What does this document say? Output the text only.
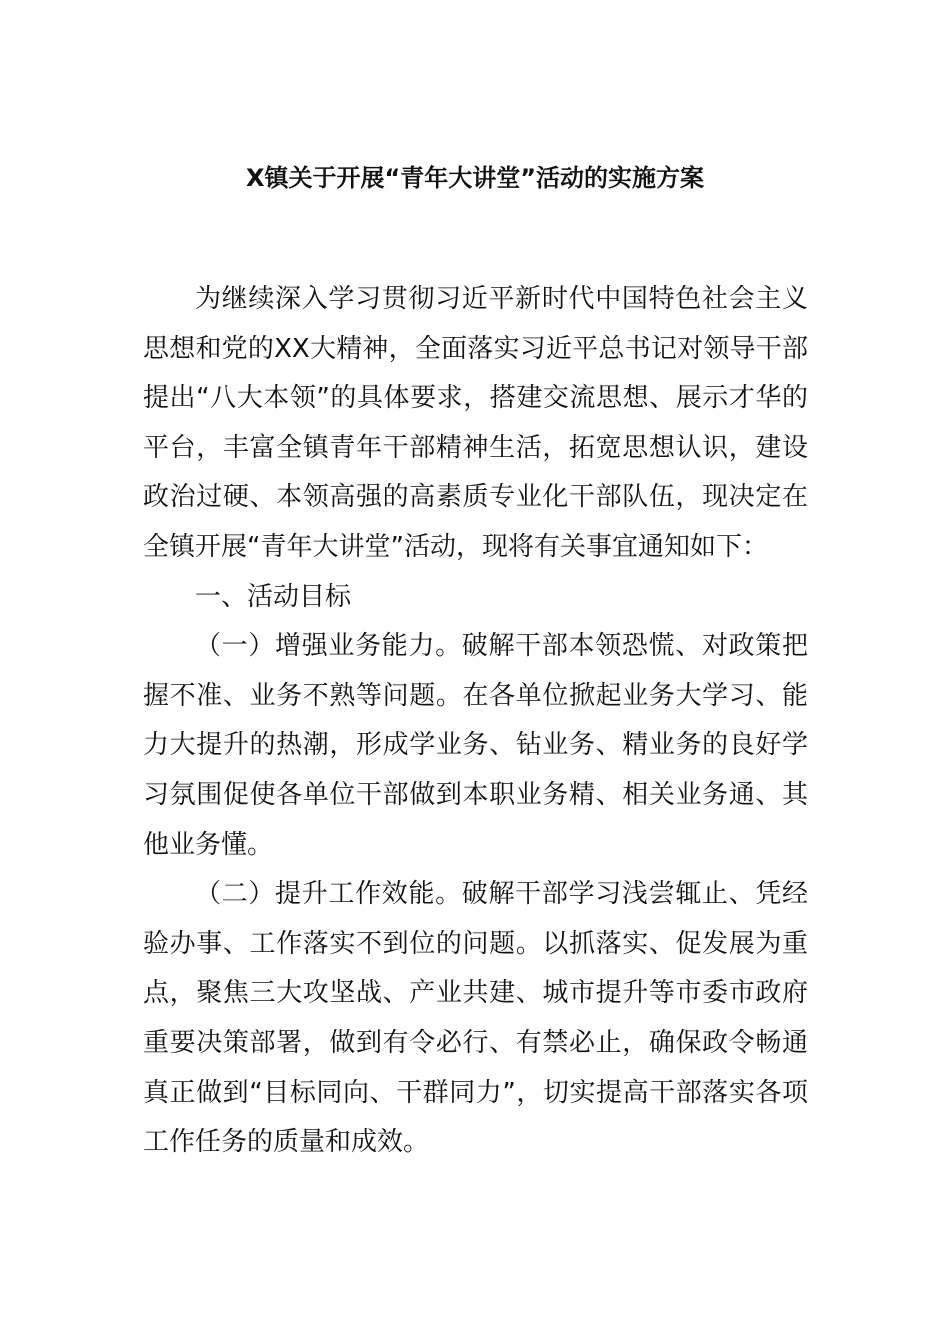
X镇关于开展“青年大讲堂”活动的实施方案

为继续深入学习贯彻习近平新时代中国特色社会主义思想和党的XX大精神，全面落实习近平总书记对领导干部提出“八大本领”的具体要求，搭建交流思想、展示才华的平台，丰富全镇青年干部精神生活，拓宽思想认识，建设政治过硬、本领高强的高素质专业化干部队伍，现决定在全镇开展“青年大讲堂”活动，现将有关事宜通知如下：

一、活动目标

（一）增强业务能力。破解干部本领恐慌、对政策把握不准、业务不熟等问题。在各单位掀起业务大学习、能力大提升的热潮，形成学业务、钻业务、精业务的良好学习氛围促使各单位干部做到本职业务精、相关业务通、其他业务懂。

（二）提升工作效能。破解干部学习浅尝辄止、凭经验办事、工作落实不到位的问题。以抓落实、促发展为重点，聚焦三大攻坚战、产业共建、城市提升等市委市政府重要决策部署，做到有令必行、有禁必止，确保政令畅通真正做到“目标同向、干群同力”，切实提高干部落实各项工作任务的质量和成效。
